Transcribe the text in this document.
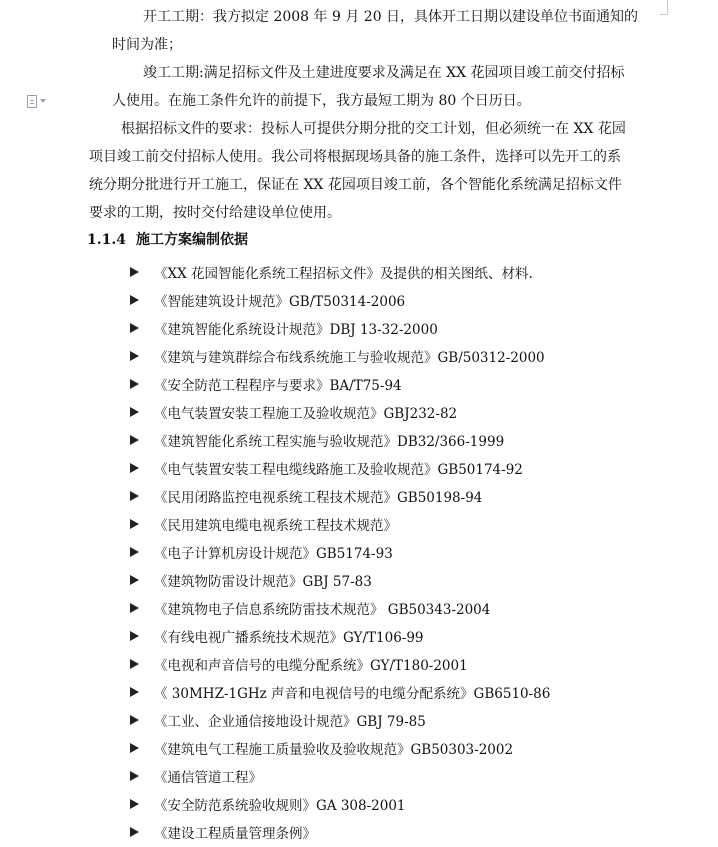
开工工期：我方拟定 2008 年 9 月 20 日，具体开工日期以建设单位书面通知的
时间为准；
竣工工期:满足招标文件及土建进度要求及满足在 XX 花园项目竣工前交付招标
人使用。在施工条件允许的前提下，我方最短工期为 80 个日历日。
根据招标文件的要求：投标人可提供分期分批的交工计划，但必须统一在 XX 花园
项目竣工前交付招标人使用。我公司将根据现场具备的施工条件，选择可以先开工的系
统分期分批进行开工施工，保证在 XX 花园项目竣工前，各个智能化系统满足招标文件
要求的工期，按时交付给建设单位使用。
1.1.4 施工方案编制依据
《XX 花园智能化系统工程招标文件》及提供的相关图纸、材料.
《智能建筑设计规范》GB/T50314-2006
《建筑智能化系统设计规范》DBJ 13-32-2000
《建筑与建筑群综合布线系统施工与验收规范》GB/50312-2000
《安全防范工程程序与要求》BA/T75-94
《电气装置安装工程施工及验收规范》GBJ232-82
《建筑智能化系统工程实施与验收规范》DB32/366-1999
《电气装置安装工程电缆线路施工及验收规范》GB50174-92
《民用闭路监控电视系统工程技术规范》GB50198-94
《民用建筑电缆电视系统工程技术规范》
《电子计算机房设计规范》GB5174-93
《建筑物防雷设计规范》GBJ 57-83
《建筑物电子信息系统防雷技术规范》 GB50343-2004
《有线电视广播系统技术规范》GY/T106-99
《电视和声音信号的电缆分配系统》GY/T180-2001
《 30MHZ-1GHz 声音和电视信号的电缆分配系统》GB6510-86
《工业、企业通信接地设计规范》GBJ 79-85
《建筑电气工程施工质量验收及验收规范》GB50303-2002
《通信管道工程》
《安全防范系统验收规则》GA 308-2001
《建设工程质量管理条例》
